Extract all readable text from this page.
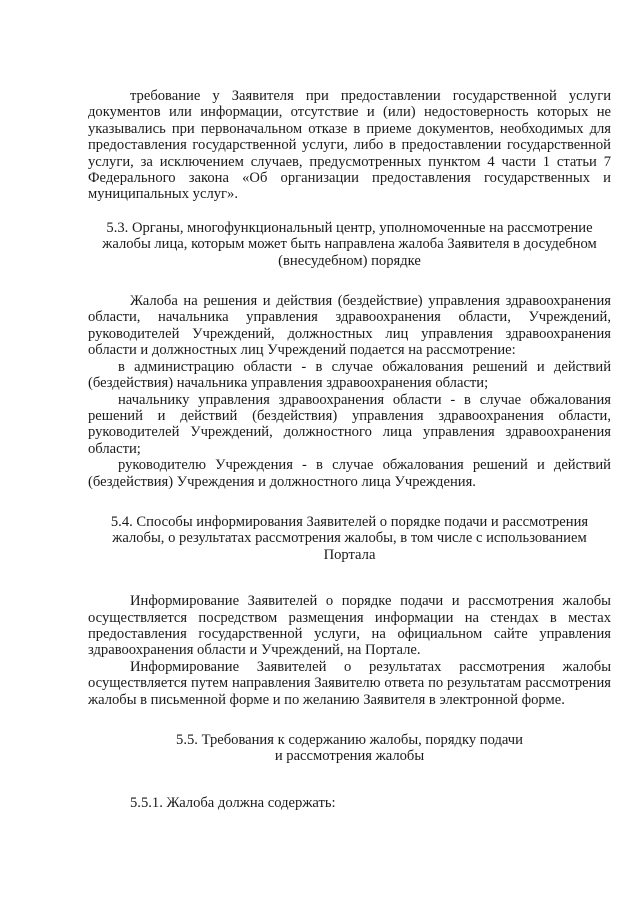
требование у Заявителя при предоставлении государственной услуги документов или информации, отсутствие и (или) недостоверность которых не указывались при первоначальном отказе в приеме документов, необходимых для предоставления государственной услуги, либо в предоставлении государственной услуги, за исключением случаев, предусмотренных пунктом 4 части 1 статьи 7 Федерального закона «Об организации предоставления государственных и муниципальных услуг».

5.3. Органы, многофункциональный центр, уполномоченные на рассмотрение жалобы лица, которым может быть направлена жалоба Заявителя в досудебном (внесудебном) порядке

Жалоба на решения и действия (бездействие) управления здравоохранения области, начальника управления здравоохранения области, Учреждений, руководителей Учреждений, должностных лиц управления здравоохранения области и должностных лиц Учреждений подается на рассмотрение:

в администрацию области - в случае обжалования решений и действий (бездействия) начальника управления здравоохранения области;

начальнику управления здравоохранения области - в случае обжалования решений и действий (бездействия) управления здравоохранения области, руководителей Учреждений, должностного лица управления здравоохранения области;

руководителю Учреждения - в случае обжалования решений и действий (бездействия) Учреждения и должностного лица Учреждения.

5.4. Способы информирования Заявителей о порядке подачи и рассмотрения жалобы, о результатах рассмотрения жалобы, в том числе с использованием Портала

Информирование Заявителей о порядке подачи и рассмотрения жалобы осуществляется посредством размещения информации на стендах в местах предоставления государственной услуги, на официальном сайте управления здравоохранения области и Учреждений, на Портале.

Информирование Заявителей о результатах рассмотрения жалобы осуществляется путем направления Заявителю ответа по результатам рассмотрения жалобы в письменной форме и по желанию Заявителя в электронной форме.

5.5. Требования к содержанию жалобы, порядку подачи

и рассмотрения жалобы

5.5.1. Жалоба должна содержать:
